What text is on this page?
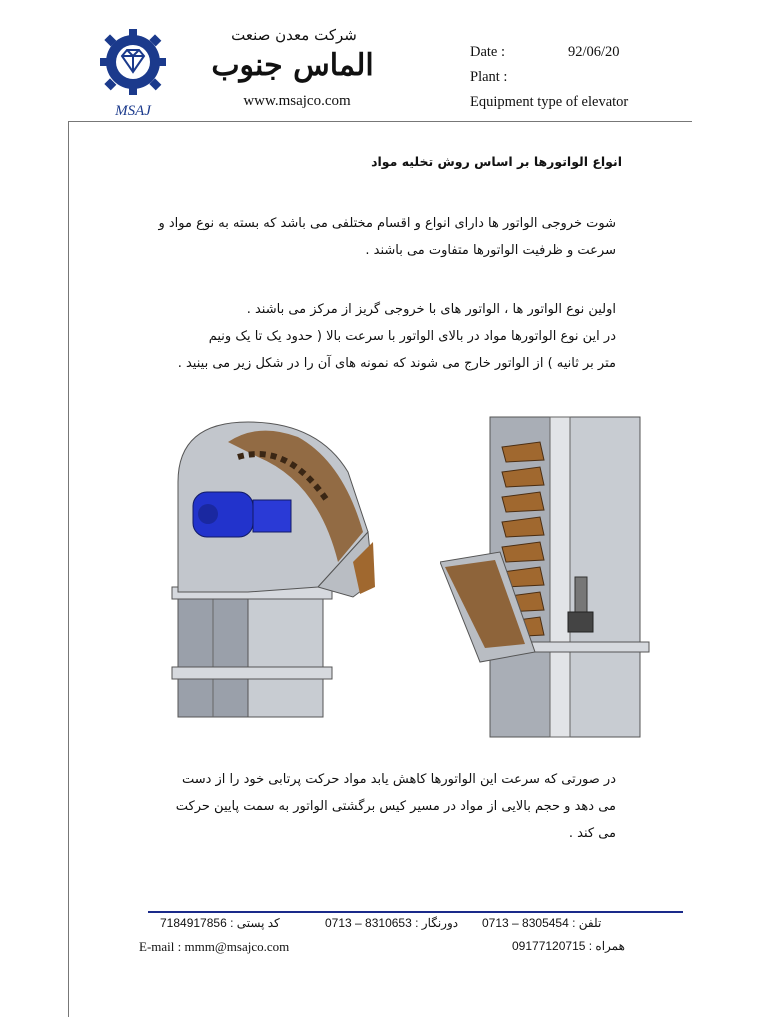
MSAJ
شرکت معدن صنعت
الماس جنوب
www.msajco.com
Date :	92/06/20
Plant :
Equipment type of elevator
انواع الواتورها بر اساس روش تخلیه مواد
شوت خروجی الواتور ها دارای انواع و اقسام مختلفی می باشد که بسته به نوع مواد و
سرعت و ظرفیت الواتورها متفاوت می باشند .
اولین نوع الواتور ها ، الواتور های با خروجی گریز از مرکز می باشند .
در این نوع الواتورها مواد در بالای الواتور با سرعت بالا ( حدود یک تا یک ونیم
متر بر ثانیه ) از الواتور خارج می شوند که نمونه های آن را در شکل زیر می بینید .
در صورتی که سرعت این الواتورها کاهش یابد مواد حرکت پرتابی خود را از دست
می دهد و حجم بالایی از مواد در مسیر کیس برگشتی الواتور به سمت پایین حرکت
می کند .
تلفن : 8305454 – 0713
دورنگار : 8310653 – 0713
کد پستی : 7184917856
E-mail : mmm@msajco.com	همراه : 09177120715
